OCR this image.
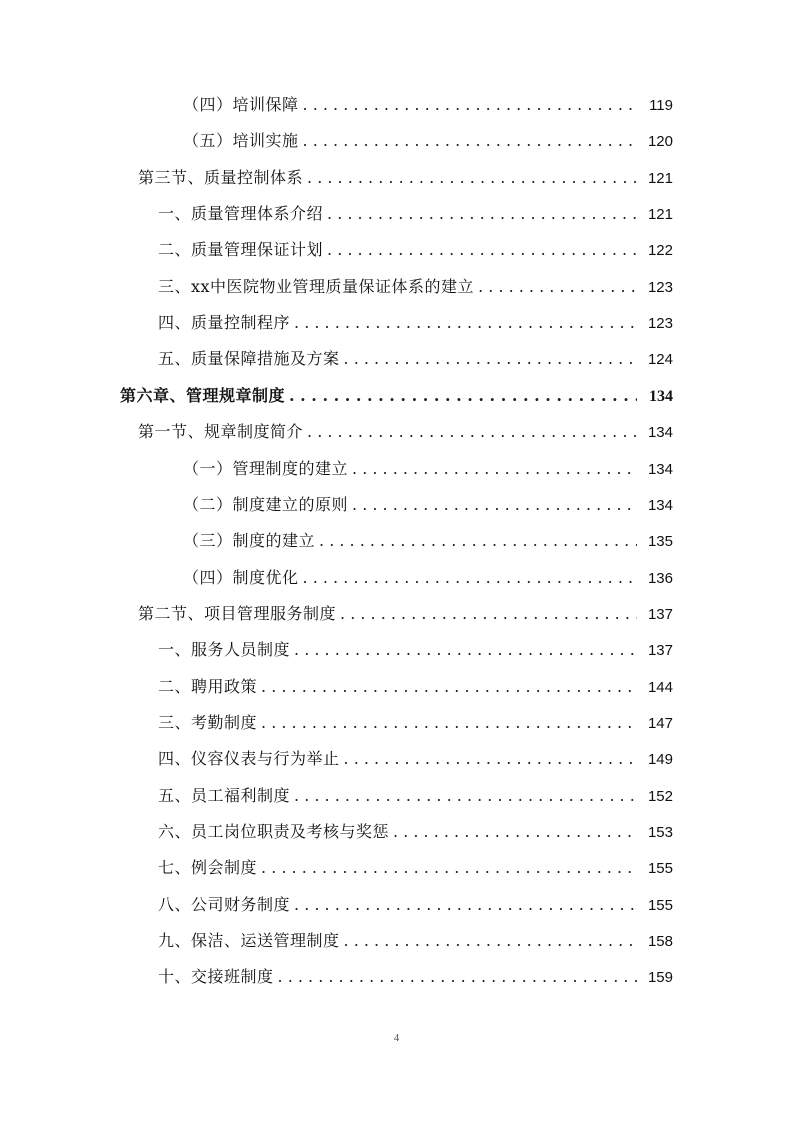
（四）培训保障 . . .	119
（五）培训实施 . . .	120
第三节、质量控制体系 . . .	121
一、质量管理体系介绍 . . .	121
二、质量管理保证计划 . . .	122
三、xx中医院物业管理质量保证体系的建立 . . .	123
四、质量控制程序 . . .	123
五、质量保障措施及方案 . . .	124
第六章、管理规章制度 . . .	134
第一节、规章制度简介 . . .	134
（一）管理制度的建立 . . .	134
（二）制度建立的原则 . . .	134
（三）制度的建立 . . .	135
（四）制度优化 . . .	136
第二节、项目管理服务制度 . . .	137
一、服务人员制度 . . .	137
二、聘用政策 . . .	144
三、考勤制度 . . .	147
四、仪容仪表与行为举止 . . .	149
五、员工福利制度 . . .	152
六、员工岗位职责及考核与奖惩 . . .	153
七、例会制度 . . .	155
八、公司财务制度 . . .	155
九、保洁、运送管理制度 . . .	158
十、交接班制度 . . .	159
4
